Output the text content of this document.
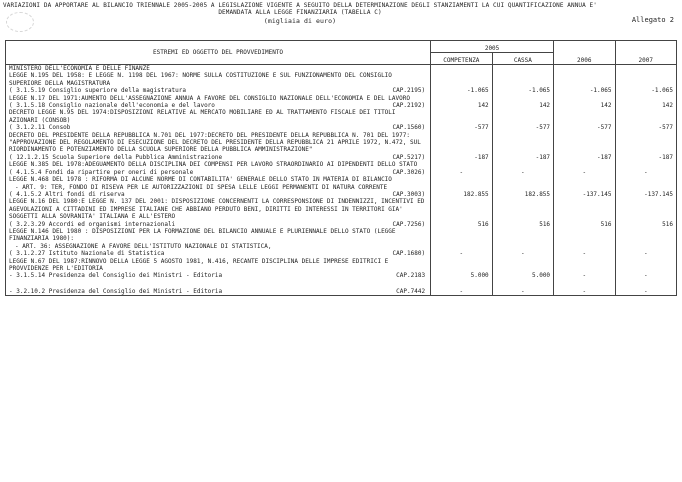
VARIAZIONI DA APPORTARE AL BILANCIO TRIENNALE 2005-2005 A LEGISLAZIONE VIGENTE A SEGUITO DELLA DETERMINAZIONE DEGLI STANZIAMENTI LA CUI QUANTIFICAZIONE ANNUA E'
DEMANDATA ALLA LEGGE FINANZIARIA (TABELLA C)
(migliaia di euro)	Allegato 2
ESTREMI ED OGGETTO DEL PROVVEDIMENTO	2005		2006	2007
	COMPETENZA	CASSA		
MINISTERO DELL'ECONOMIA E DELLE FINANZE				

LEGGE N.195 DEL 1958: E LEGGE N. 1198 DEL 1967: NORME SULLA COSTITUZIONE E SUL FUNZIONAMENTO DEL CONSIGLIO SUPERIORE DELLA MAGISTRATURA
( 3.1.5.19 Consiglio superiore della magistratura CAP.2195)	-1.065	-1.065	-1.065	-1.065

LEGGE N.17 DEL 1971:AUMENTO DELL'ASSEGNAZIONE ANNUA A FAVORE DEL CONSIGLIO NAZIONALE DELL'ECONOMIA E DEL LAVORO
( 3.1.5.18 Consiglio nazionale dell'economia e del lavoro CAP.2192)	142	142	142	142

DECRETO LEGGE N.95 DEL 1974:DISPOSIZIONI RELATIVE AL MERCATO MOBILIARE ED AL TRATTAMENTO FISCALE DEI TITOLI AZIONARI (CONSOB)
( 3.1.2.11 Consob CAP.1560)	-577	-577	-577	-577

DECRETO DEL PRESIDENTE DELLA REPUBBLICA N.701 DEL 1977:DECRETO DEL PRESIDENTE DELLA REPUBBLICA N. 701 DEL 1977: "APPROVAZIONE DEL REGOLAMENTO DI ESECUZIONE DEL DECRETO DEL PRESIDENTE DELLA REPUBBLICA 21 APRILE 1972, N.472, SUL RIORDINAMENTO E POTENZIAMENTO DELLA SCUOLA SUPERIORE DELLA PUBBLICA AMMINISTRAZIONE"
( 12.1.2.15 Scuola Superiore della Pubblica Amministrazione CAP.5217)	-187	-187	-187	-187

LEGGE N.385 DEL 1978:ADEGUAMENTO DELLA DISCIPLINA DEI COMPENSI PER LAVORO STRAORDINARIO AI DIPENDENTI DELLO STATO
( 4.1.5.4 Fondi da ripartire per oneri di personale CAP.3026)	-	-	-	-

LEGGE N.468 DEL 1978 : RIFORMA DI ALCUNE NORME DI CONTABILITA' GENERALE DELLO STATO IN MATERIA DI BILANCIO
- ART. 9: TER, FONDO DI RISEVA PER LE AUTORIZZAZIONI DI SPESA LELLE LEGGI PERMANENTI DI NATURA CORRENTE
( 4.1.5.2 Altri fondi di riserva CAP.3003)	182.855	182.855	-137.145	-137.145

LEGGE N.16 DEL 1980:E LEGGE N. 137 DEL 2001: DISPOSIZIONE CONCERNENTI LA CORRESPONSIONE DI INDENNIZZI, INCENTIVI ED AGEVOLAZIONI A CITTADINI ED IMPRESE ITALIANE CHE ABBIANO PERDUTO BENI, DIRITTI ED INTERESSI IN TERRITORI GIA' SOGGETTI ALLA SOVRANITA' ITALIANA E ALL'ESTERO
( 3.2.3.29 Accordi ed organismi internazionali CAP.7256)	516	516	516	516

LEGGE N.146 DEL 1980 : DISPOSIZIONI PER LA FORMAZIONE DEL BILANCIO ANNUALE E PLURIENNALE DELLO STATO (LEGGE FINANZIARIA 1980):
- ART. 36: ASSEGNAZIONE A FAVORE DELL'ISTITUTO NAZIONALE DI STATISTICA,
( 3.1.2.27 Istituto Nazionale di Statistica CAP.1680)	-	-	-	-

LEGGE N.67 DEL 1987:RINNOVO DELLA LEGGE 5 AGOSTO 1981, N.416, RECANTE DISCIPLINA DELLE IMPRESE EDITRICI E PROVVIDENZE PER L'EDITORIA
- 3.1.5.14 Presidenza del Consiglio dei Ministri - Editoria CAP.2183	5.000	5.000	-	-

- 3.2.10.2 Presidenza del Consiglio dei Ministri - Editoria CAP.7442	-	-	-	-
